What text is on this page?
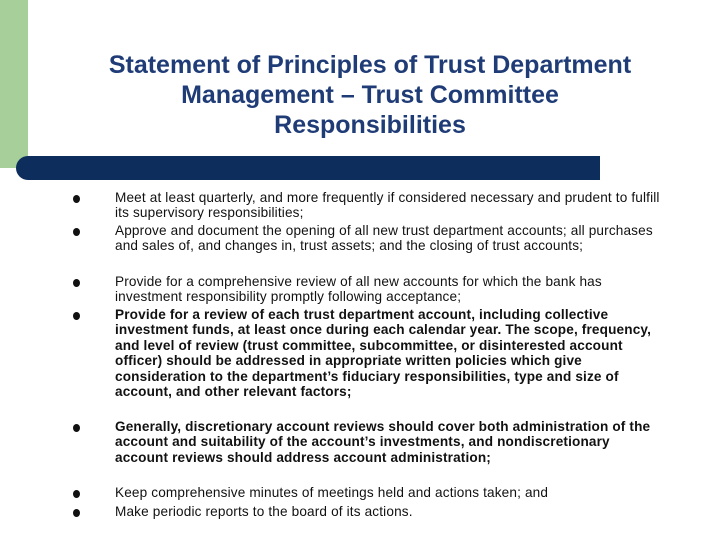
Statement of Principles of Trust Department
Management – Trust Committee
Responsibilities

Meet at least quarterly, and more frequently if considered necessary and prudent to fulfill its supervisory responsibilities;

Approve and document the opening of all new trust department accounts; all purchases and sales of, and changes in, trust assets; and the closing of trust accounts;

Provide for a comprehensive review of all new accounts for which the bank has investment responsibility promptly following acceptance;

Provide for a review of each trust department account, including collective investment funds, at least once during each calendar year. The scope, frequency, and level of review (trust committee, subcommittee, or disinterested account officer) should be addressed in appropriate written policies which give consideration to the department’s fiduciary responsibilities, type and size of account, and other relevant factors;

Generally, discretionary account reviews should cover both administration of the account and suitability of the account’s investments, and nondiscretionary account reviews should address account administration;

Keep comprehensive minutes of meetings held and actions taken; and

Make periodic reports to the board of its actions.
